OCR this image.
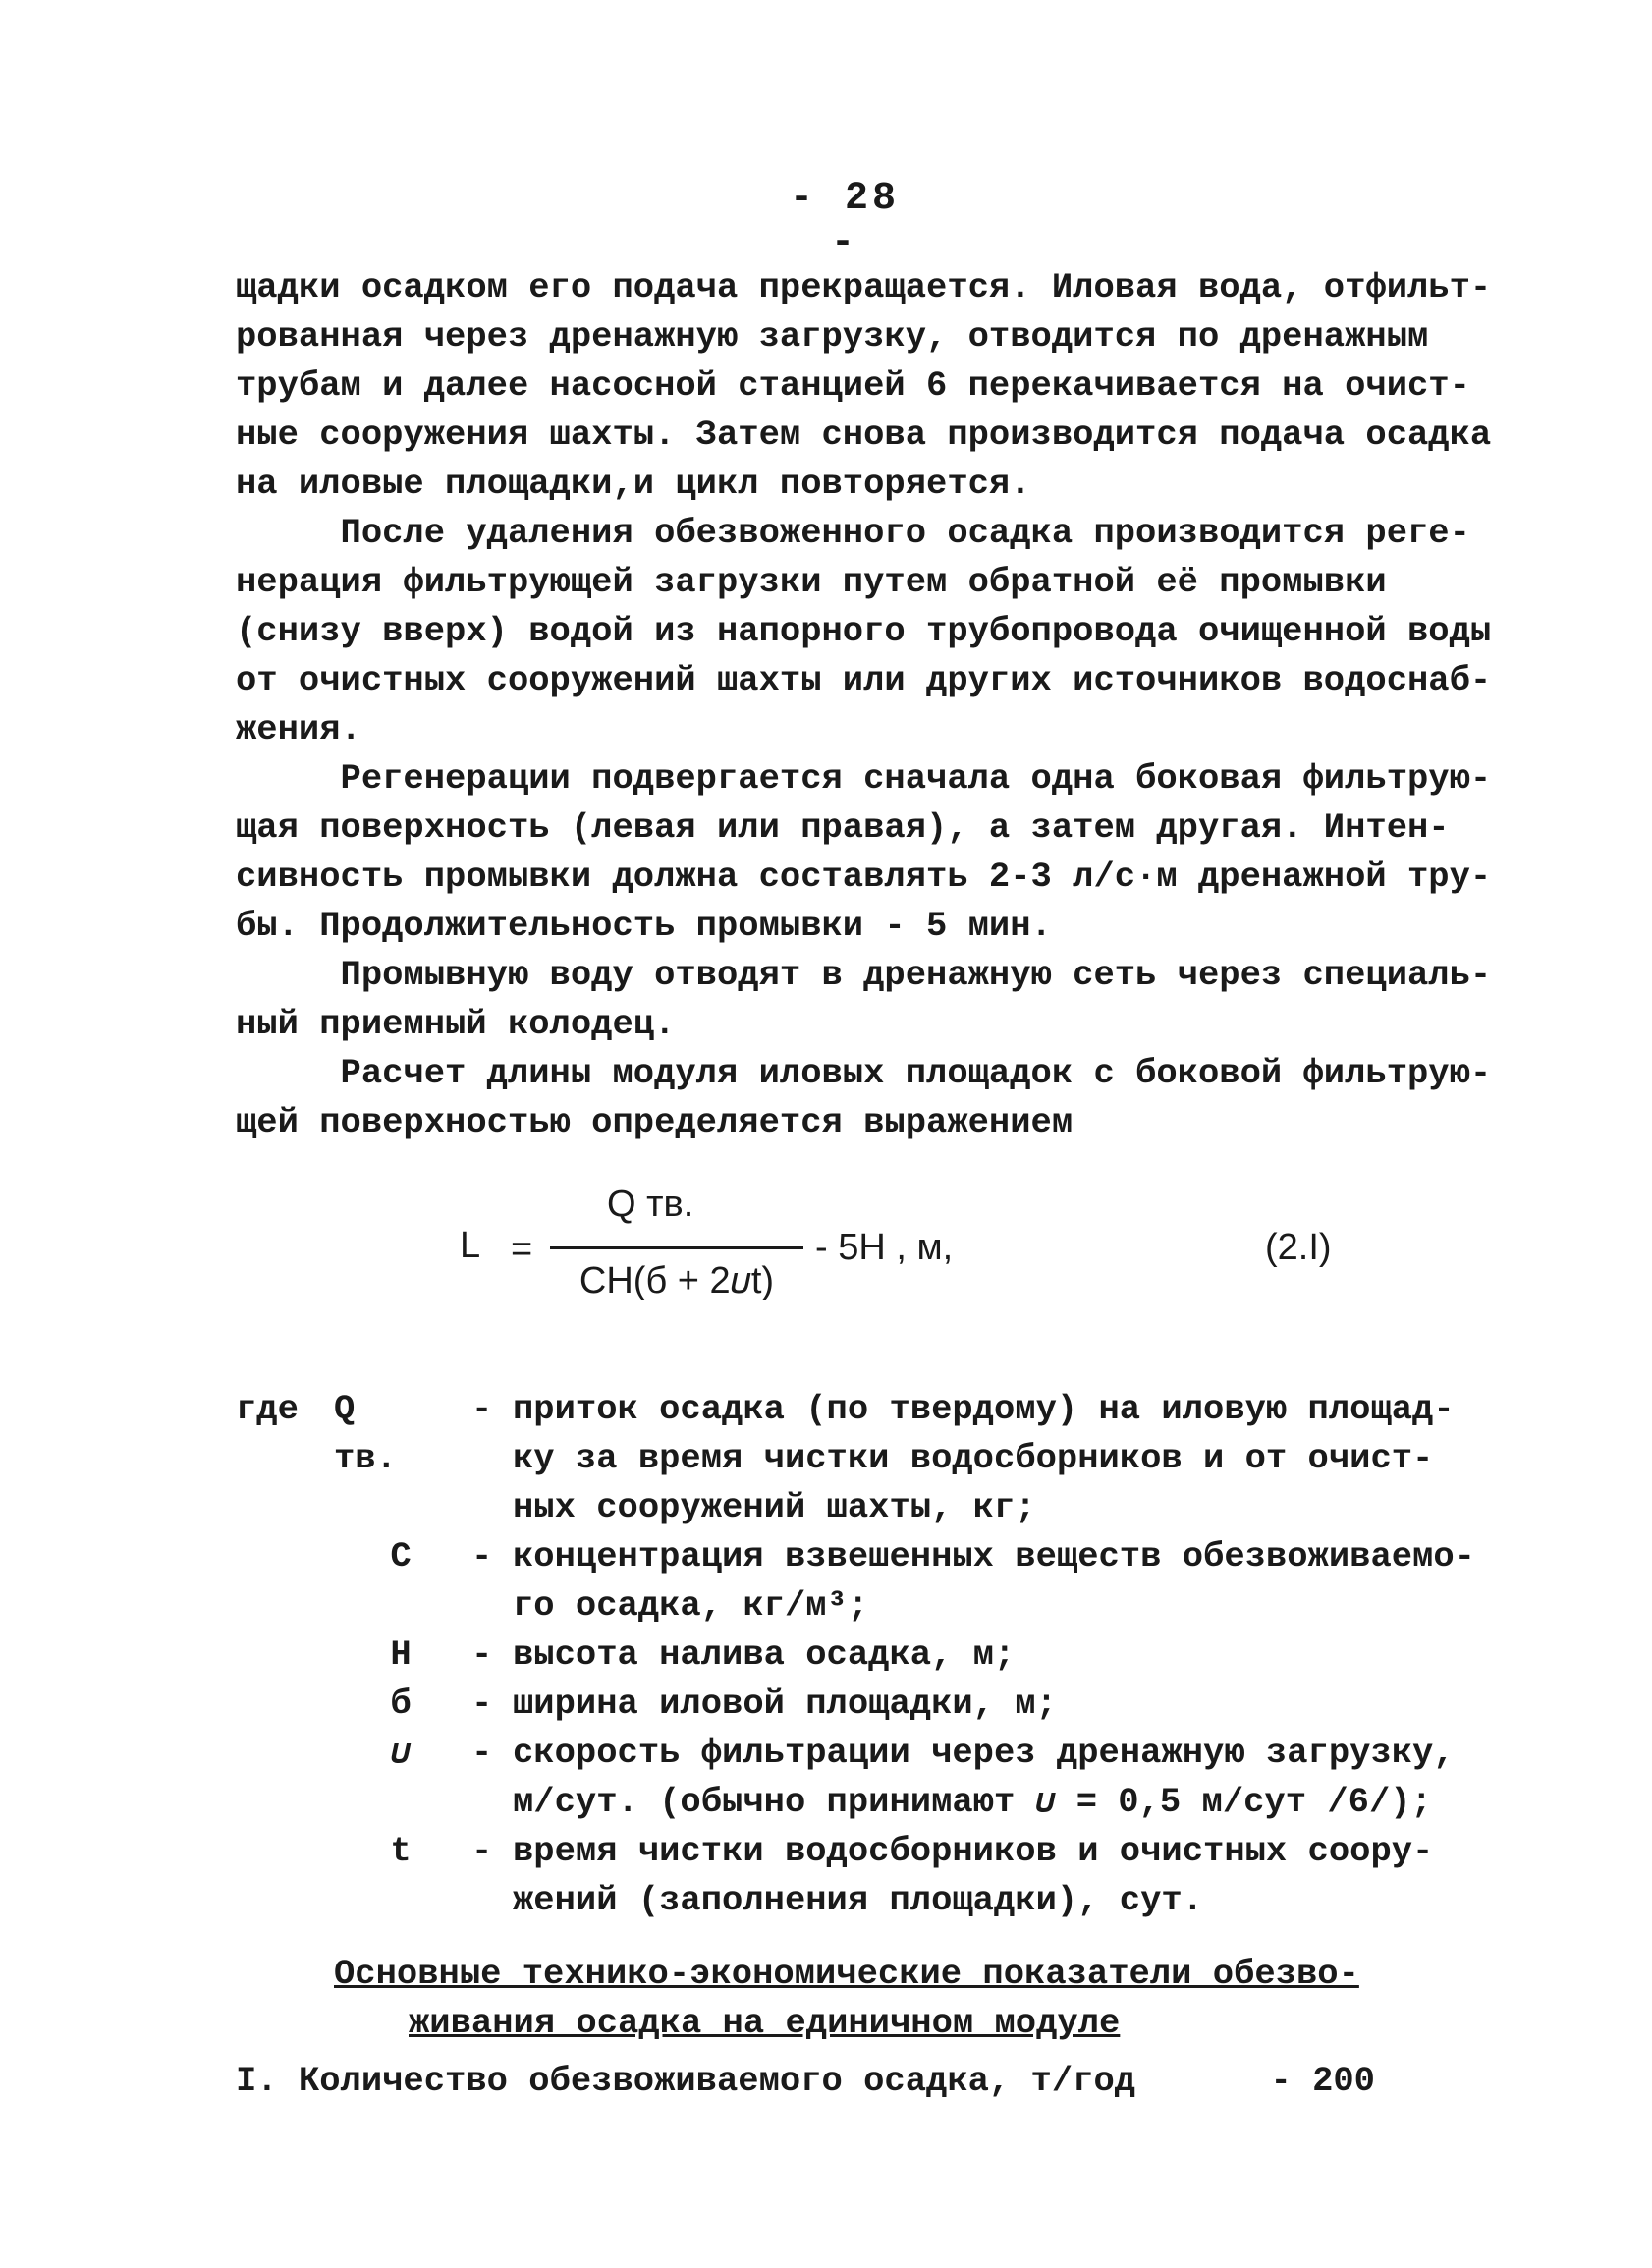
- 28 -
щадки осадком его подача прекращается. Иловая вода, отфильт-
рованная через дренажную загрузку, отводится по дренажным
трубам и далее насосной станцией 6 перекачивается на очист-
ные сооружения шахты. Затем снова производится подача осадка
на иловые площадки,и цикл повторяется.
После удаления обезвоженного осадка производится реге-
нерация фильтрующей загрузки путем обратной её промывки
(снизу вверх) водой из напорного трубопровода очищенной воды
от очистных сооружений шахты или других источников водоснаб-
жения.
Регенерации подвергается сначала одна боковая фильтрую-
щая поверхность (левая или правая), а затем другая. Интен-
сивность промывки должна составлять 2-3 л/с·м дренажной тру-
бы. Продолжительность промывки - 5 мин.
Промывную воду отводят в дренажную сеть через специаль-
ный приемный колодец.
Расчет длины модуля иловых площадок с боковой фильтрую-
щей поверхностью определяется выражением
L =
Q тв.
CH(б + 2𝜐t)
- 5H , м,	(2.I)
где Q тв.
- приток осадка (по твердому) на иловую площад-
ку за время чистки водосборников и от очист-
ных сооружений шахты, кг;
C - концентрация взвешенных веществ обезвоживаемо-
го осадка, кг/м³;
H - высота налива осадка, м;
б - ширина иловой площадки, м;
𝜐 - скорость фильтрации через дренажную загрузку,
м/сут. (обычно принимают 𝜐 = 0,5 м/сут /6/);
t - время чистки водосборников и очистных соору-
жений (заполнения площадки), сут.
Основные технико-экономические показатели обезво-
живания осадка на единичном модуле
I. Количество обезвоживаемого осадка, т/год	- 200
